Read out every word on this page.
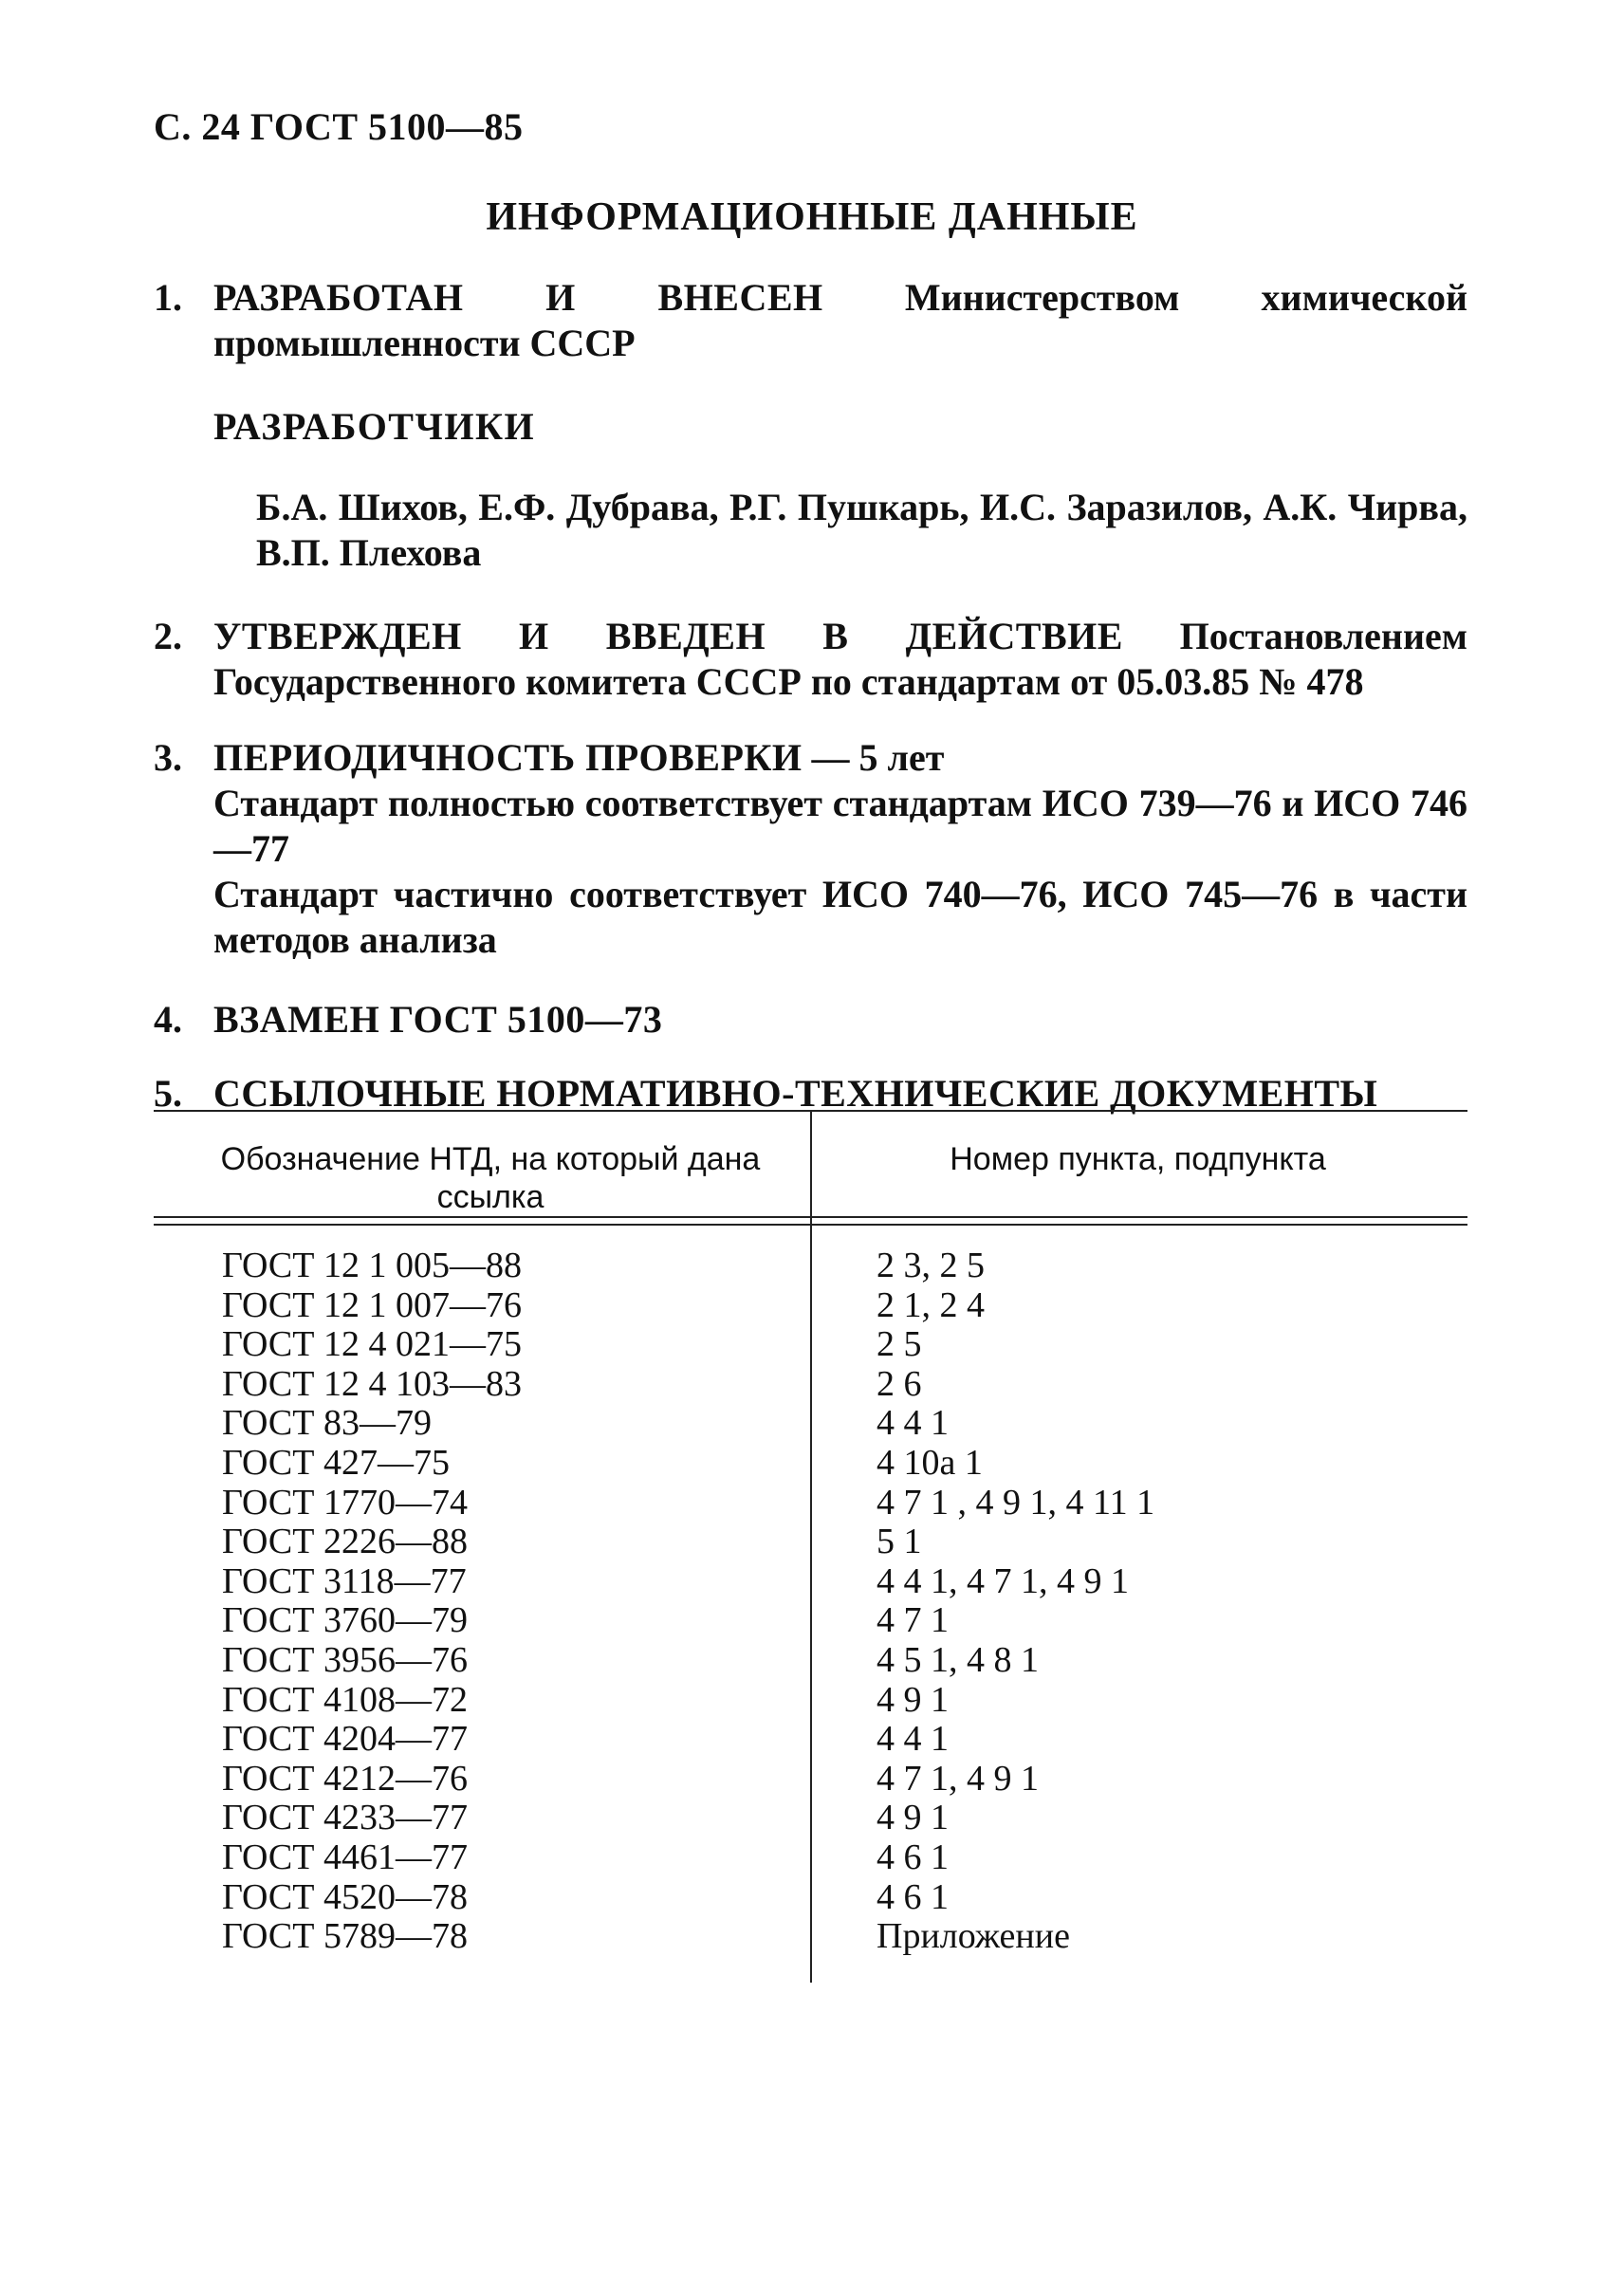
С. 24 ГОСТ 5100—85
ИНФОРМАЦИОННЫЕ ДАННЫЕ
1. РАЗРАБОТАН И ВНЕСЕН Министерством химической промышленности СССР
РАЗРАБОТЧИКИ
Б.А. Шихов, Е.Ф. Дубрава, Р.Г. Пушкарь, И.С. Заразилов, А.К. Чирва, В.П. Плехова
2. УТВЕРЖДЕН И ВВЕДЕН В ДЕЙСТВИЕ Постановлением Государственного комитета СССР по стандартам от 05.03.85 № 478
3. ПЕРИОДИЧНОСТЬ ПРОВЕРКИ — 5 лет
Стандарт полностью соответствует стандартам ИСО 739—76 и ИСО 746—77
Стандарт частично соответствует ИСО 740—76, ИСО 745—76 в части методов анализа
4. ВЗАМЕН ГОСТ 5100—73
5. ССЫЛОЧНЫЕ НОРМАТИВНО-ТЕХНИЧЕСКИЕ ДОКУМЕНТЫ
Обозначение НТД, на который дана ссылка
Номер пункта, подпункта
ГОСТ 12 1 005—88	2 3, 2 5
ГОСТ 12 1 007—76	2 1, 2 4
ГОСТ 12 4 021—75	2 5
ГОСТ 12 4 103—83	2 6
ГОСТ 83—79	4 4 1
ГОСТ 427—75	4 10а 1
ГОСТ 1770—74	4 7 1 , 4 9 1, 4 11 1
ГОСТ 2226—88	5 1
ГОСТ 3118—77	4 4 1, 4 7 1, 4 9 1
ГОСТ 3760—79	4 7 1
ГОСТ 3956—76	4 5 1, 4 8 1
ГОСТ 4108—72	4 9 1
ГОСТ 4204—77	4 4 1
ГОСТ 4212—76	4 7 1, 4 9 1
ГОСТ 4233—77	4 9 1
ГОСТ 4461—77	4 6 1
ГОСТ 4520—78	4 6 1
ГОСТ 5789—78	Приложение
